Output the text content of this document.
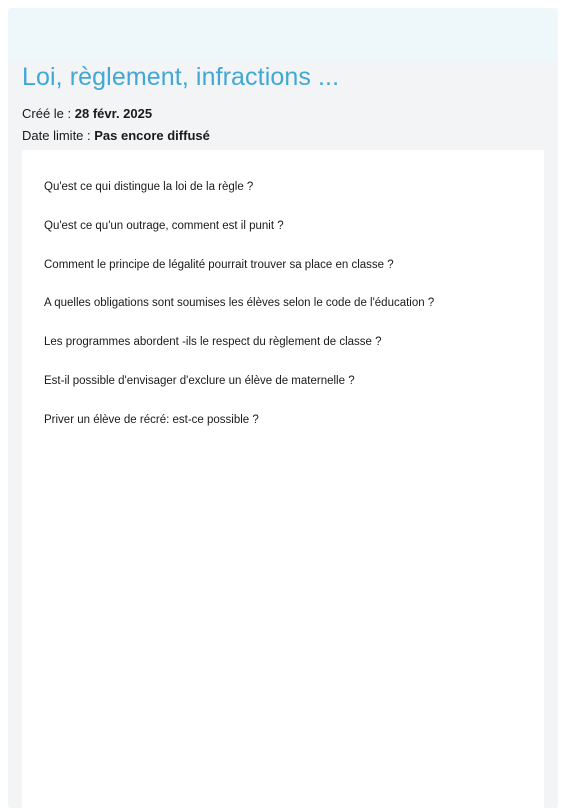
Loi, règlement, infractions ...
Créé le : 28 févr. 2025
Date limite : Pas encore diffusé
Qu'est ce qui distingue la loi de la règle ?
Qu'est ce qu'un outrage, comment est il punit ?
Comment le principe de légalité pourrait trouver sa place en classe ?
A quelles obligations sont soumises les élèves selon le code de l'éducation ?
Les programmes abordent -ils le respect du règlement de classe ?
Est-il possible d'envisager d'exclure un élève de maternelle ?
Priver un élève de récré: est-ce possible ?
